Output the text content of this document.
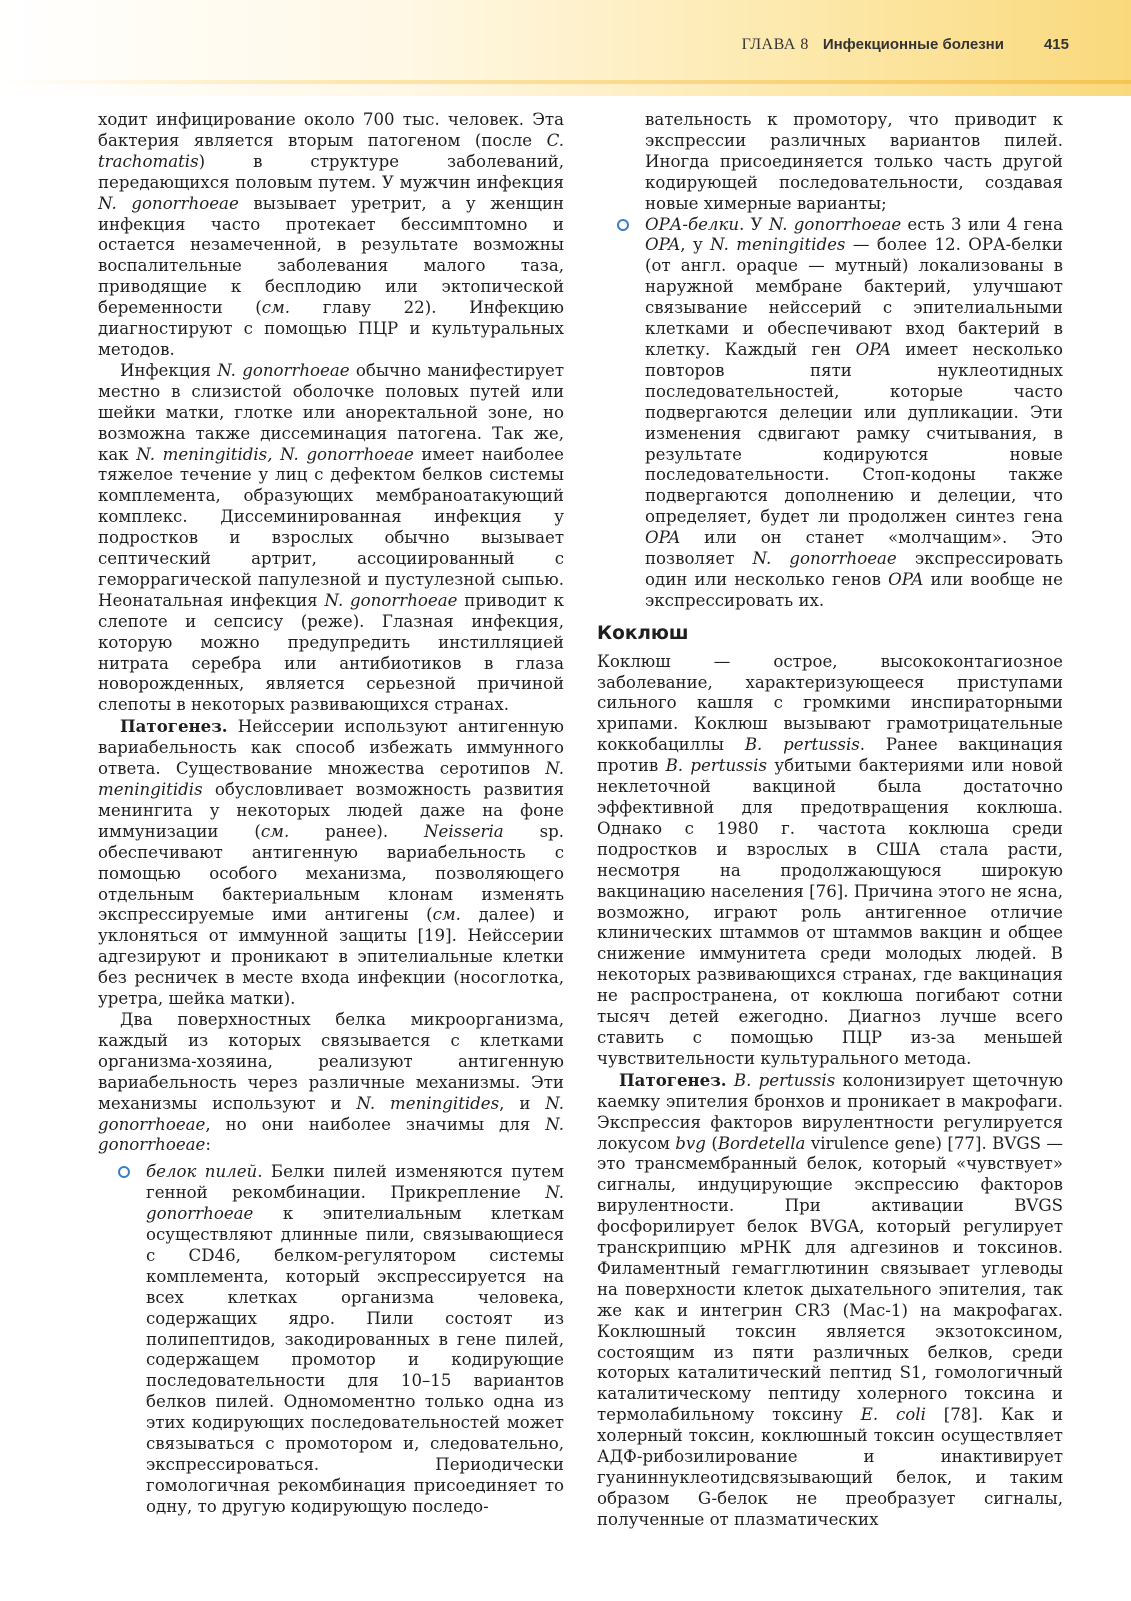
ГЛАВА 8 Инфекционные болезни	415

ходит инфицирование около 700 тыс. человек. Эта бактерия является вторым патогеном (после C. trachomatis) в структуре заболеваний, передающихся половым путем. У мужчин инфекция N. gonorrhoeae вызывает уретрит, а у женщин инфекция часто протекает бессимптомно и остается незамеченной, в результате возможны воспалительные заболевания малого таза, приводящие к бесплодию или эктопической беременности (см. главу 22). Инфекцию диагностируют с помощью ПЦР и культуральных методов.

Инфекция N. gonorrhoeae обычно манифестирует местно в слизистой оболочке половых путей или шейки матки, глотке или аноректальной зоне, но возможна также диссеминация патогена. Так же, как N. meningitidis, N. gonorrhoeae имеет наиболее тяжелое течение у лиц с дефектом белков системы комплемента, образующих мембраноатакующий комплекс. Диссеминированная инфекция у подростков и взрослых обычно вызывает септический артрит, ассоциированный с геморрагической папулезной и пустулезной сыпью. Неонатальная инфекция N. gonorrhoeae приводит к слепоте и сепсису (реже). Глазная инфекция, которую можно предупредить инстилляцией нитрата серебра или антибиотиков в глаза новорожденных, является серьезной причиной слепоты в некоторых развивающихся странах.

Патогенез. Нейссерии используют антигенную вариабельность как способ избежать иммунного ответа. Существование множества серотипов N. meningitidis обусловливает возможность развития менингита у некоторых людей даже на фоне иммунизации (см. ранее). Neisseria sp. обеспечивают антигенную вариабельность с помощью особого механизма, позволяющего отдельным бактериальным клонам изменять экспрессируемые ими антигены (см. далее) и уклоняться от иммунной защиты [19]. Нейссерии адгезируют и проникают в эпителиальные клетки без ресничек в месте входа инфекции (носоглотка, уретра, шейка матки).

Два поверхностных белка микроорганизма, каждый из которых связывается с клетками организма-хозяина, реализуют антигенную вариабельность через различные механизмы. Эти механизмы используют и N. meningitides, и N. gonorrhoeae, но они наиболее значимы для N. gonorrhoeae:

белок пилей. Белки пилей изменяются путем генной рекомбинации. Прикрепление N. gonorrhoeae к эпителиальным клеткам осуществляют длинные пили, связывающиеся с CD46, белком-регулятором системы комплемента, который экспрессируется на всех клетках организма человека, содержащих ядро. Пили состоят из полипептидов, закодированных в гене пилей, содержащем промотор и кодирующие последовательности для 10–15 вариантов белков пилей. Одномоментно только одна из этих кодирующих последовательностей может связываться с промотором и, следовательно, экспрессироваться. Периодически гомологичная рекомбинация присоединяет то одну, то другую кодирующую последо-
вательность к промотору, что приводит к экспрессии различных вариантов пилей. Иногда присоединяется только часть другой кодирующей последовательности, создавая новые химерные варианты;
ОРА-белки. У N. gonorrhoeae есть 3 или 4 гена OPA, у N. meningitides — более 12. ОРА-белки (от англ. opaque — мутный) локализованы в наружной мембране бактерий, улучшают связывание нейссерий с эпителиальными клетками и обеспечивают вход бактерий в клетку. Каждый ген OPA имеет несколько повторов пяти нуклеотидных последовательностей, которые часто подвергаются делеции или дупликации. Эти изменения сдвигают рамку считывания, в результате кодируются новые последовательности. Стоп-кодоны также подвергаются дополнению и делеции, что определяет, будет ли продолжен синтез гена OPA или он станет «молчащим». Это позволяет N. gonorrhoeae экспрессировать один или несколько генов OPA или вообще не экспрессировать их.
Коклюш

Коклюш — острое, высококонтагиозное заболевание, характеризующееся приступами сильного кашля с громкими инспираторными хрипами. Коклюш вызывают грамотрицательные коккобациллы B. pertussis. Ранее вакцинация против B. pertussis убитыми бактериями или новой неклеточной вакциной была достаточно эффективной для предотвращения коклюша. Однако с 1980 г. частота коклюша среди подростков и взрослых в США стала расти, несмотря на продолжающуюся широкую вакцинацию населения [76]. Причина этого не ясна, возможно, играют роль антигенное отличие клинических штаммов от штаммов вакцин и общее снижение иммунитета среди молодых людей. В некоторых развивающихся странах, где вакцинация не распространена, от коклюша погибают сотни тысяч детей ежегодно. Диагноз лучше всего ставить с помощью ПЦР из-за меньшей чувствительности культурального метода.

Патогенез. B. pertussis колонизирует щеточную каемку эпителия бронхов и проникает в макрофаги. Экспрессия факторов вирулентности регулируется локусом bvg (Bordetella virulence gene) [77]. BVGS — это трансмембранный белок, который «чувствует» сигналы, индуцирующие экспрессию факторов вирулентности. При активации BVGS фосфорилирует белок BVGA, который регулирует транскрипцию мРНК для адгезинов и токсинов. Филаментный гемагглютинин связывает углеводы на поверхности клеток дыхательного эпителия, так же как и интегрин CR3 (Mac-1) на макрофагах. Коклюшный токсин является экзотоксином, состоящим из пяти различных белков, среди которых каталитический пептид S1, гомологичный каталитическому пептиду холерного токсина и термолабильному токсину E. coli [78]. Как и холерный токсин, коклюшный токсин осуществляет АДФ-рибозилирование и инактивирует гуаниннуклеотидсвязывающий белок, и таким образом G-белок не преобразует сигналы, полученные от плазматических
